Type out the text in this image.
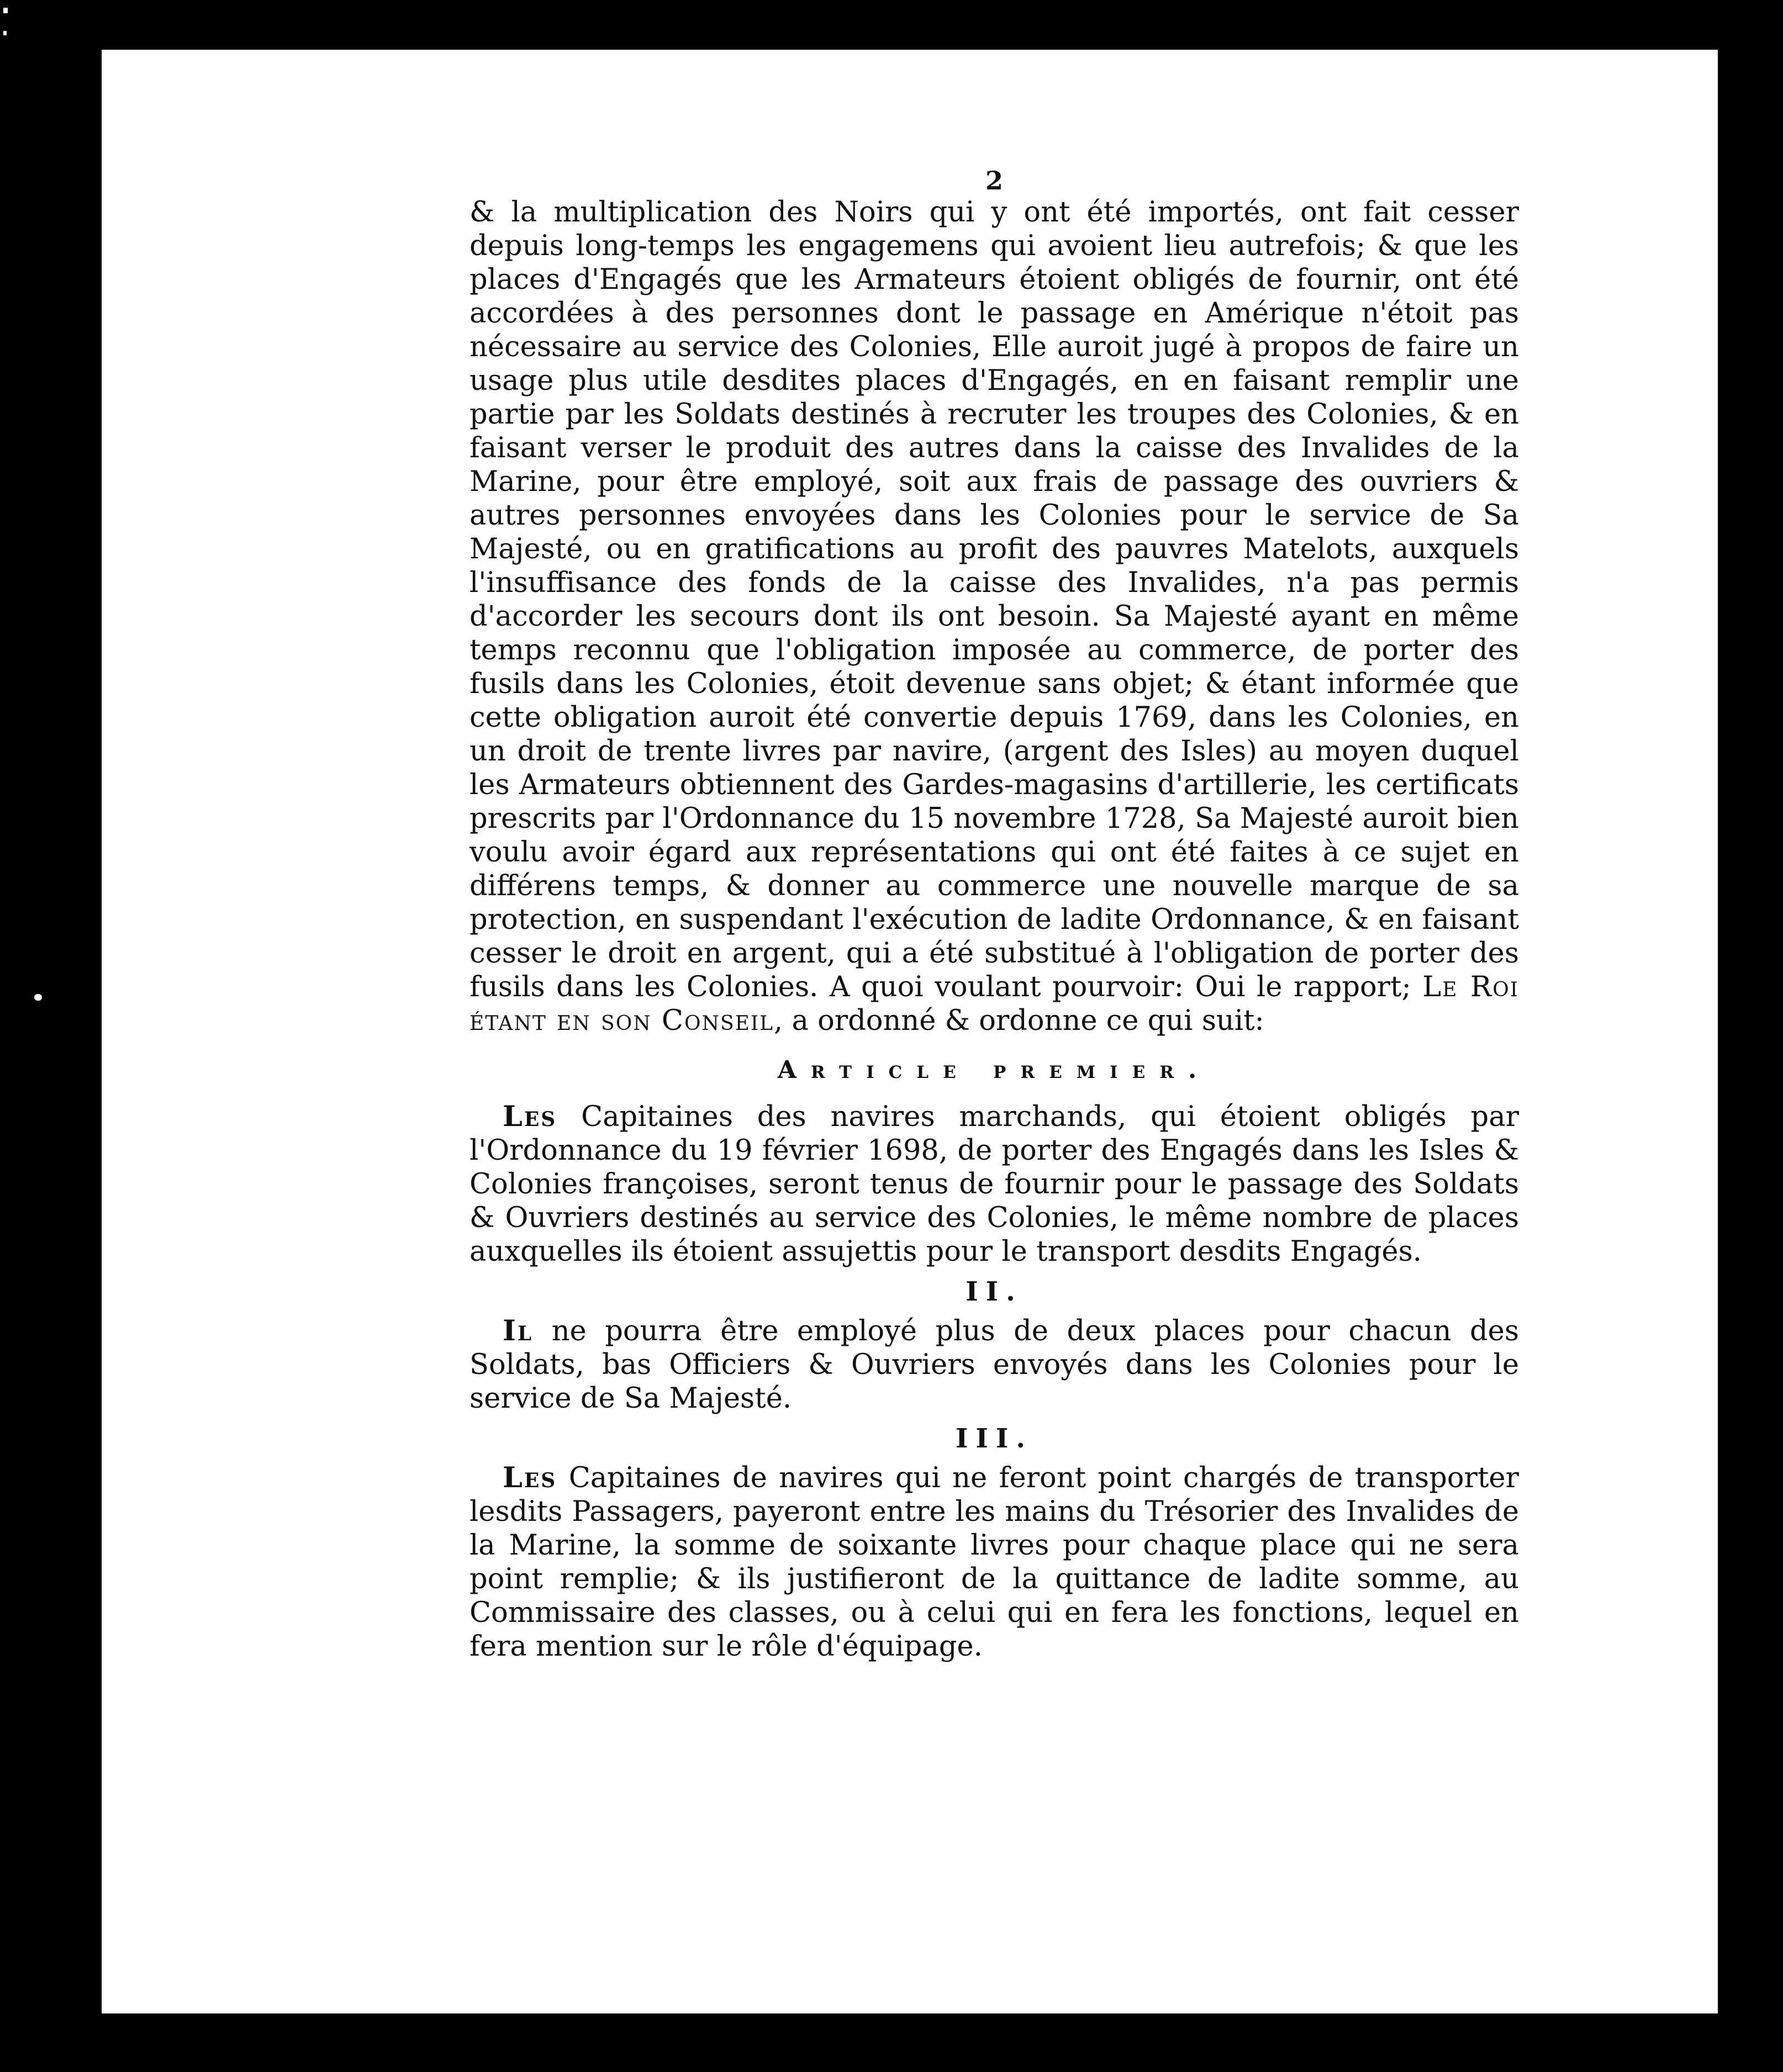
2

& la multiplication des Noirs qui y ont été importés, ont fait cesser depuis long-temps les engagemens qui avoient lieu autrefois; & que les places d'Engagés que les Armateurs étoient obligés de fournir, ont été accordées à des personnes dont le passage en Amérique n'étoit pas nécessaire au service des Colonies, Elle auroit jugé à propos de faire un usage plus utile desdites places d'Engagés, en en faisant remplir une partie par les Soldats destinés à recruter les troupes des Colonies, & en faisant verser le produit des autres dans la caisse des Invalides de la Marine, pour être employé, soit aux frais de passage des ouvriers & autres personnes envoyées dans les Colonies pour le service de Sa Majesté, ou en gratifications au profit des pauvres Matelots, auxquels l'insuffisance des fonds de la caisse des Invalides, n'a pas permis d'accorder les secours dont ils ont besoin. Sa Majesté ayant en même temps reconnu que l'obligation imposée au commerce, de porter des fusils dans les Colonies, étoit devenue sans objet; & étant informée que cette obligation auroit été convertie depuis 1769, dans les Colonies, en un droit de trente livres par navire, (argent des Isles) au moyen duquel les Armateurs obtiennent des Gardes-magasins d'artillerie, les certificats prescrits par l'Ordonnance du 15 novembre 1728, Sa Majesté auroit bien voulu avoir égard aux représentations qui ont été faites à ce sujet en différens temps, & donner au commerce une nouvelle marque de sa protection, en suspendant l'exécution de ladite Ordonnance, & en faisant cesser le droit en argent, qui a été substitué à l'obligation de porter des fusils dans les Colonies. A quoi voulant pourvoir: Oui le rapport; Le Roi étant en son Conseil, a ordonné & ordonne ce qui suit:

Article premier.

Les Capitaines des navires marchands, qui étoient obligés par l'Ordonnance du 19 février 1698, de porter des Engagés dans les Isles & Colonies françoises, seront tenus de fournir pour le passage des Soldats & Ouvriers destinés au service des Colonies, le même nombre de places auxquelles ils étoient assujettis pour le transport desdits Engagés.

II.

Il ne pourra être employé plus de deux places pour chacun des Soldats, bas Officiers & Ouvriers envoyés dans les Colonies pour le service de Sa Majesté.

III.

Les Capitaines de navires qui ne feront point chargés de transporter lesdits Passagers, payeront entre les mains du Trésorier des Invalides de la Marine, la somme de soixante livres pour chaque place qui ne sera point remplie; & ils justifieront de la quittance de ladite somme, au Commissaire des classes, ou à celui qui en fera les fonctions, lequel en fera mention sur le rôle d'équipage.
